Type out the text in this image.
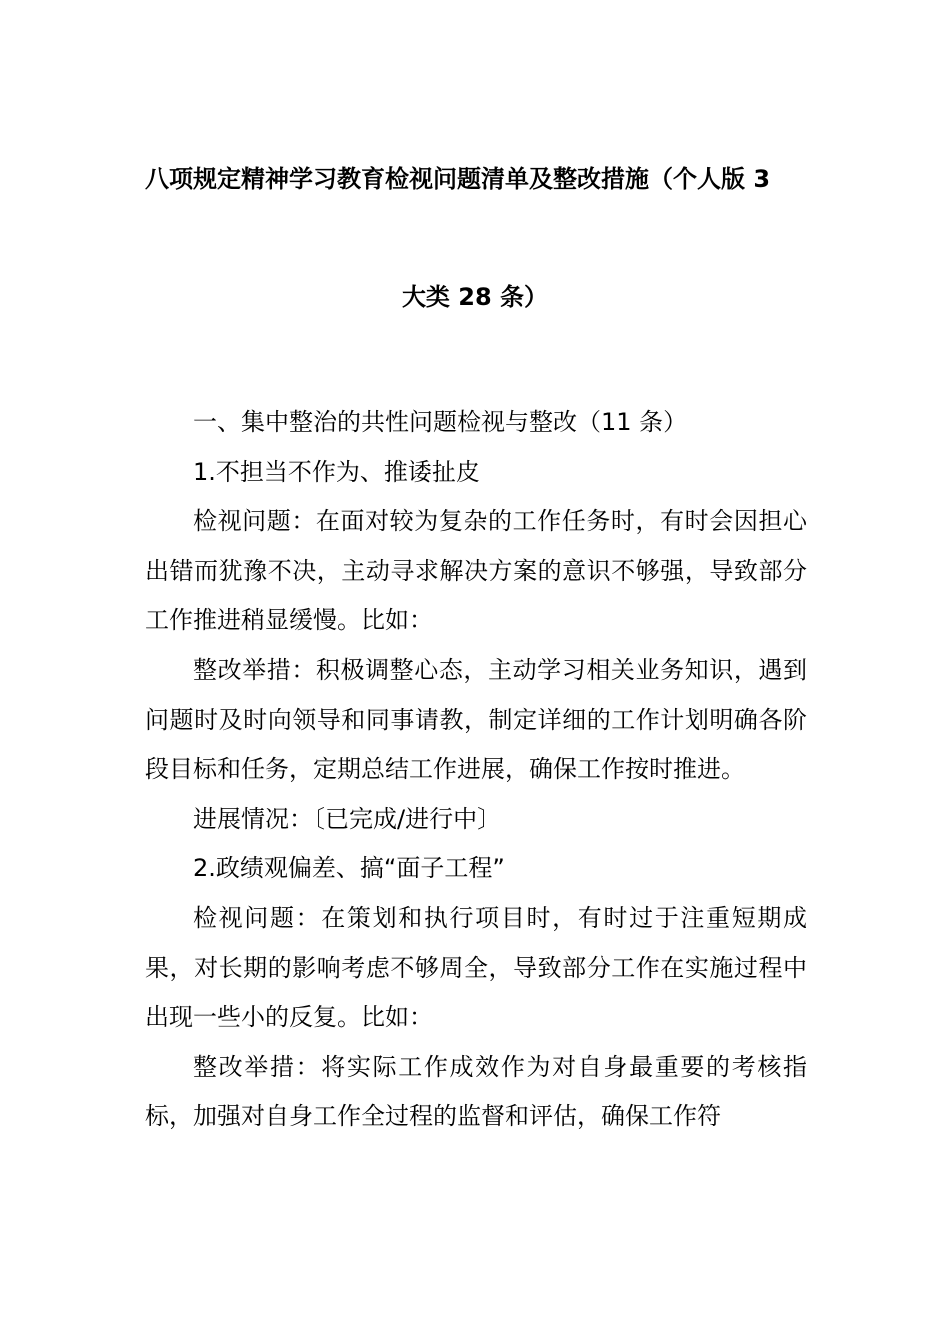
八项规定精神学习教育检视问题清单及整改措施（个人版 3
大类 28 条）

一、集中整治的共性问题检视与整改（11 条）

1.不担当不作为、推诿扯皮

检视问题：在面对较为复杂的工作任务时，有时会因担心出错而犹豫不决，主动寻求解决方案的意识不够强，导致部分工作推进稍显缓慢。比如：

整改举措：积极调整心态，主动学习相关业务知识，遇到问题时及时向领导和同事请教，制定详细的工作计划明确各阶段目标和任务，定期总结工作进展，确保工作按时推进。

进展情况：〔已完成/进行中〕

2.政绩观偏差、搞“面子工程”

检视问题：在策划和执行项目时，有时过于注重短期成果，对长期的影响考虑不够周全，导致部分工作在实施过程中出现一些小的反复。比如：

整改举措：将实际工作成效作为对自身最重要的考核指标，加强对自身工作全过程的监督和评估，确保工作符
